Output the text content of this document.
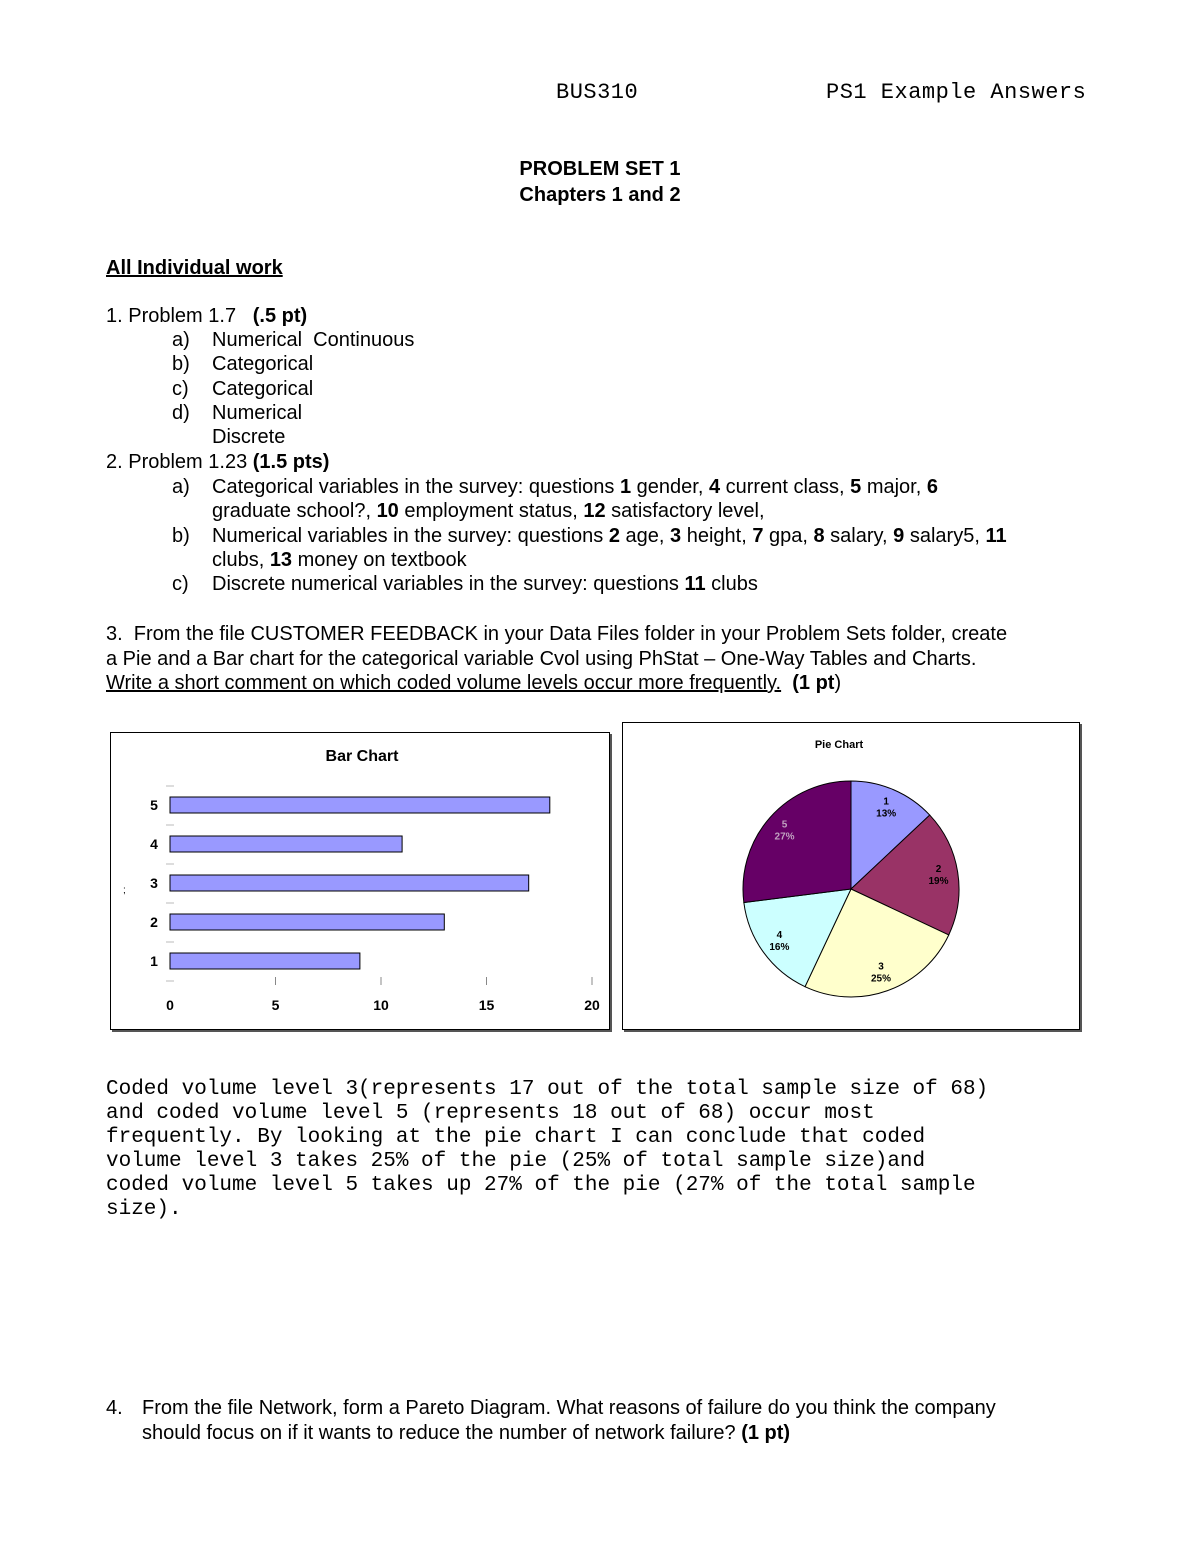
BUS310	PS1 Example Answers
PROBLEM SET 1
Chapters 1 and 2
All Individual work
1. Problem 1.7 (.5 pt)
a) Numerical  Continuous
b) Categorical
c) Categorical
d) Numerical Discrete
2. Problem 1.23 (1.5 pts)
a) Categorical variables in the survey: questions 1 gender, 4 current class, 5 major, 6
graduate school?, 10 employment status, 12 satisfactory level,
b) Numerical variables in the survey: questions 2 age, 3 height, 7 gpa, 8 salary, 9 salary5, 11
clubs, 13 money on textbook
c) Discrete numerical variables in the survey: questions 11 clubs
3.  From the file CUSTOMER FEEDBACK in your Data Files folder in your Problem Sets folder, create
a Pie and a Bar chart for the categorical variable Cvol using PhStat – One-Way Tables and Charts.
Write a short comment on which coded volume levels occur more frequently. (1 pt)
Bar Chart
;
1
2
3
4
5
0	5	10	15	20
Pie Chart
1
13%
2
19%
3
25%
4
16%
5
27%
Coded volume level 3(represents 17 out of the total sample size of 68)
and coded volume level 5 (represents 18 out of 68) occur most
frequently. By looking at the pie chart I can conclude that coded
volume level 3 takes 25% of the pie (25% of total sample size)and
coded volume level 5 takes up 27% of the pie (27% of the total sample
size).
4. From the file Network, form a Pareto Diagram. What reasons of failure do you think the company
should focus on if it wants to reduce the number of network failure? (1 pt)
